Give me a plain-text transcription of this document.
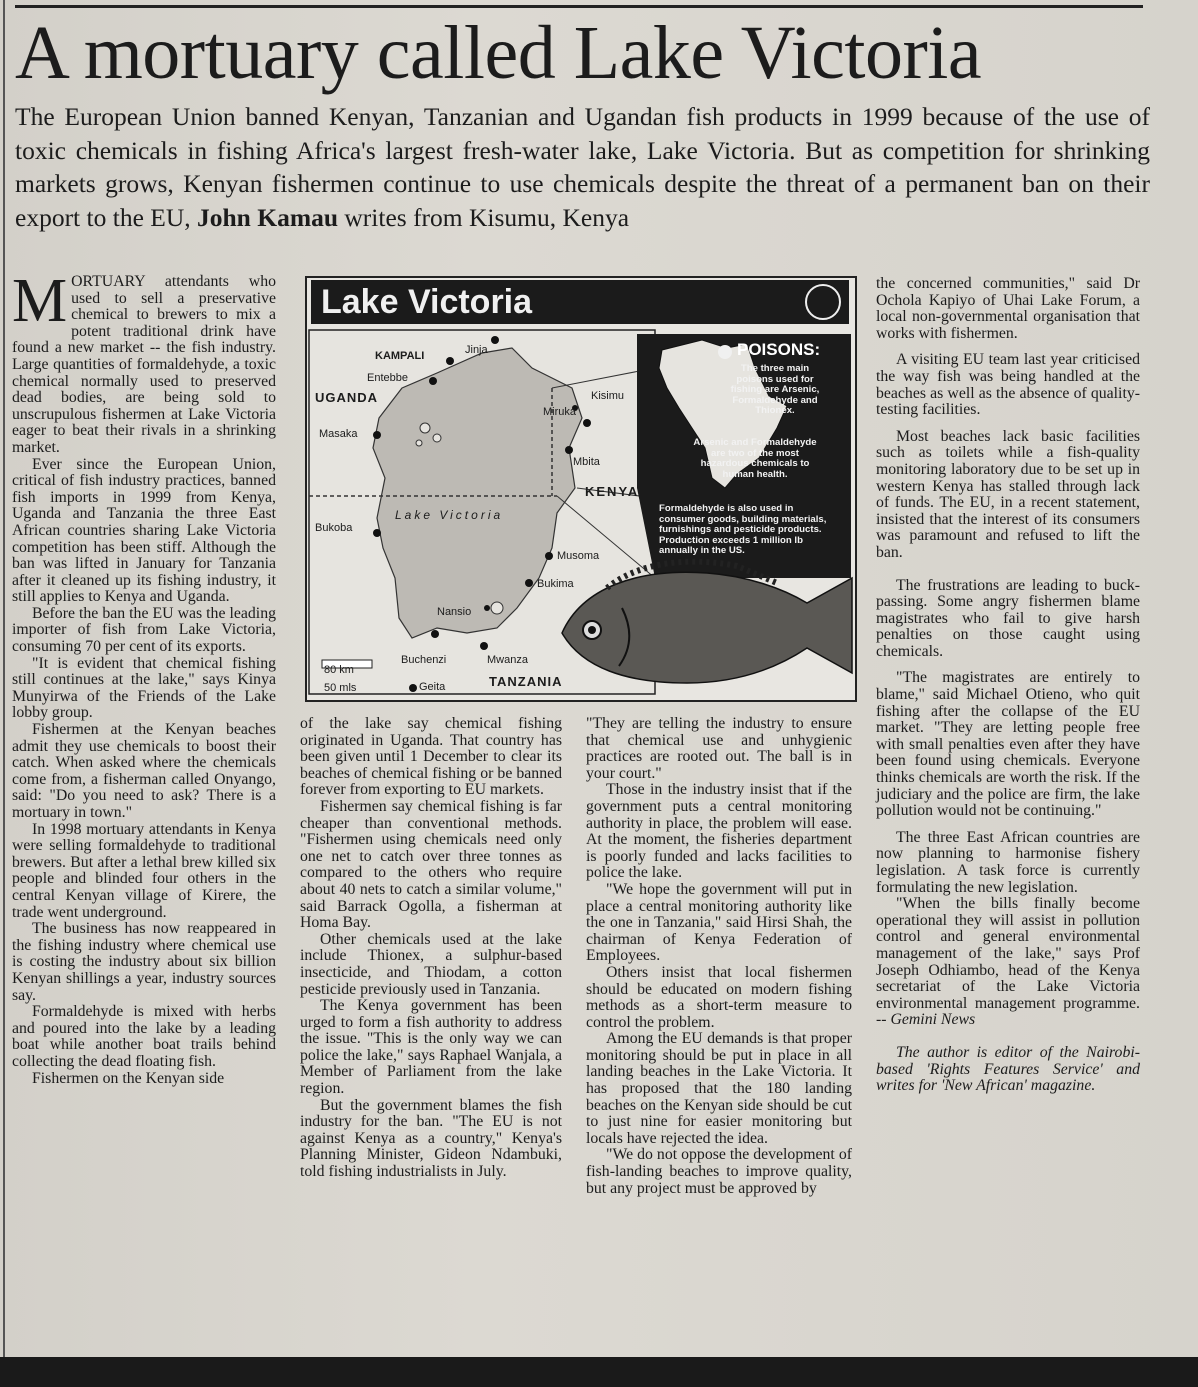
A mortuary called Lake Victoria

The European Union banned Kenyan, Tanzanian and Ugandan fish products in 1999 because of the use of toxic chemicals in fishing Africa's largest fresh-water lake, Lake Victoria. But as competition for shrinking markets grows, Kenyan fishermen continue to use chemicals despite the threat of a permanent ban on their export to the EU, John Kamau writes from Kisumu, Kenya

MORTUARY attendants who used to sell a preservative chemical to brewers to mix a potent traditional drink have found a new market -- the fish industry. Large quantities of formaldehyde, a toxic chemical normally used to preserved dead bodies, are being sold to unscrupulous fishermen at Lake Victoria eager to beat their rivals in a shrinking market.

Ever since the European Union, critical of fish industry practices, banned fish imports in 1999 from Kenya, Uganda and Tanzania the three East African countries sharing Lake Victoria competition has been stiff. Although the ban was lifted in January for Tanzania after it cleaned up its fishing industry, it still applies to Kenya and Uganda.

Before the ban the EU was the leading importer of fish from Lake Victoria, consuming 70 per cent of its exports.

"It is evident that chemical fishing still continues at the lake," says Kinya Munyirwa of the Friends of the Lake lobby group.

Fishermen at the Kenyan beaches admit they use chemicals to boost their catch. When asked where the chemicals come from, a fisherman called Onyango, said: "Do you need to ask? There is a mortuary in town."

In 1998 mortuary attendants in Kenya were selling formaldehyde to traditional brewers. But after a lethal brew killed six people and blinded four others in the central Kenyan village of Kirere, the trade went underground.

The business has now reappeared in the fishing industry where chemical use is costing the industry about six billion Kenyan shillings a year, industry sources say.

Formaldehyde is mixed with herbs and poured into the lake by a leading boat while another boat trails behind collecting the dead floating fish.

Fishermen on the Kenyan side

Lake Victoria
KAMPALI	Jinja
Entebbe
Masaka
Kisimu
Miruka
Mbita
Bukoba
Musoma
Bukima
Nansio
Buchenzi	Mwanza
Geita
UGANDA
KENYA
TANZANIA
Lake Victoria
80 km
50 mls
POISONS:
The three main poisons used for fishing are Arsenic, Formaldehyde and Thionex.
Arsenic and Formaldehyde are two of the most hazardous chemicals to human health.
Formaldehyde is also used in consumer goods, building materials, furnishings and pesticide products. Production exceeds 1 million lb annually in the US.

of the lake say chemical fishing originated in Uganda. That country has been given until 1 December to clear its beaches of chemical fishing or be banned forever from exporting to EU markets.

Fishermen say chemical fishing is far cheaper than conventional methods. "Fishermen using chemicals need only one net to catch over three tonnes as compared to the others who require about 40 nets to catch a similar volume," said Barrack Ogolla, a fisherman at Homa Bay.

Other chemicals used at the lake include Thionex, a sulphur-based insecticide, and Thiodam, a cotton pesticide previously used in Tanzania.

The Kenya government has been urged to form a fish authority to address the issue. "This is the only way we can police the lake," says Raphael Wanjala, a Member of Parliament from the lake region.

But the government blames the fish industry for the ban. "The EU is not against Kenya as a country," Kenya's Planning Minister, Gideon Ndambuki, told fishing industrialists in July.

"They are telling the industry to ensure that chemical use and unhygienic practices are rooted out. The ball is in your court."

Those in the industry insist that if the government puts a central monitoring authority in place, the problem will ease. At the moment, the fisheries department is poorly funded and lacks facilities to police the lake.

"We hope the government will put in place a central monitoring authority like the one in Tanzania," said Hirsi Shah, the chairman of Kenya Federation of Employees.

Others insist that local fishermen should be educated on modern fishing methods as a short-term measure to control the problem.

Among the EU demands is that proper monitoring should be put in place in all landing beaches in the Lake Victoria. It has proposed that the 180 landing beaches on the Kenyan side should be cut to just nine for easier monitoring but locals have rejected the idea.

"We do not oppose the development of fish-landing beaches to improve quality, but any project must be approved by

the concerned communities," said Dr Ochola Kapiyo of Uhai Lake Forum, a local non-governmental organisation that works with fishermen.

A visiting EU team last year criticised the way fish was being handled at the beaches as well as the absence of quality-testing facilities.

Most beaches lack basic facilities such as toilets while a fish-quality monitoring laboratory due to be set up in western Kenya has stalled through lack of funds. The EU, in a recent statement, insisted that the interest of its consumers was paramount and refused to lift the ban.

The frustrations are leading to buck-passing. Some angry fishermen blame magistrates who fail to give harsh penalties on those caught using chemicals.

"The magistrates are entirely to blame," said Michael Otieno, who quit fishing after the collapse of the EU market. "They are letting people free with small penalties even after they have been found using chemicals. Everyone thinks chemicals are worth the risk. If the judiciary and the police are firm, the lake pollution would not be continuing."

The three East African countries are now planning to harmonise fishery legislation. A task force is currently formulating the new legislation.

"When the bills finally become operational they will assist in pollution control and general environmental management of the lake," says Prof Joseph Odhiambo, head of the Kenya secretariat of the Lake Victoria environmental management programme. -- Gemini News

The author is editor of the Nairobi-based 'Rights Features Service' and writes for 'New African' magazine.
